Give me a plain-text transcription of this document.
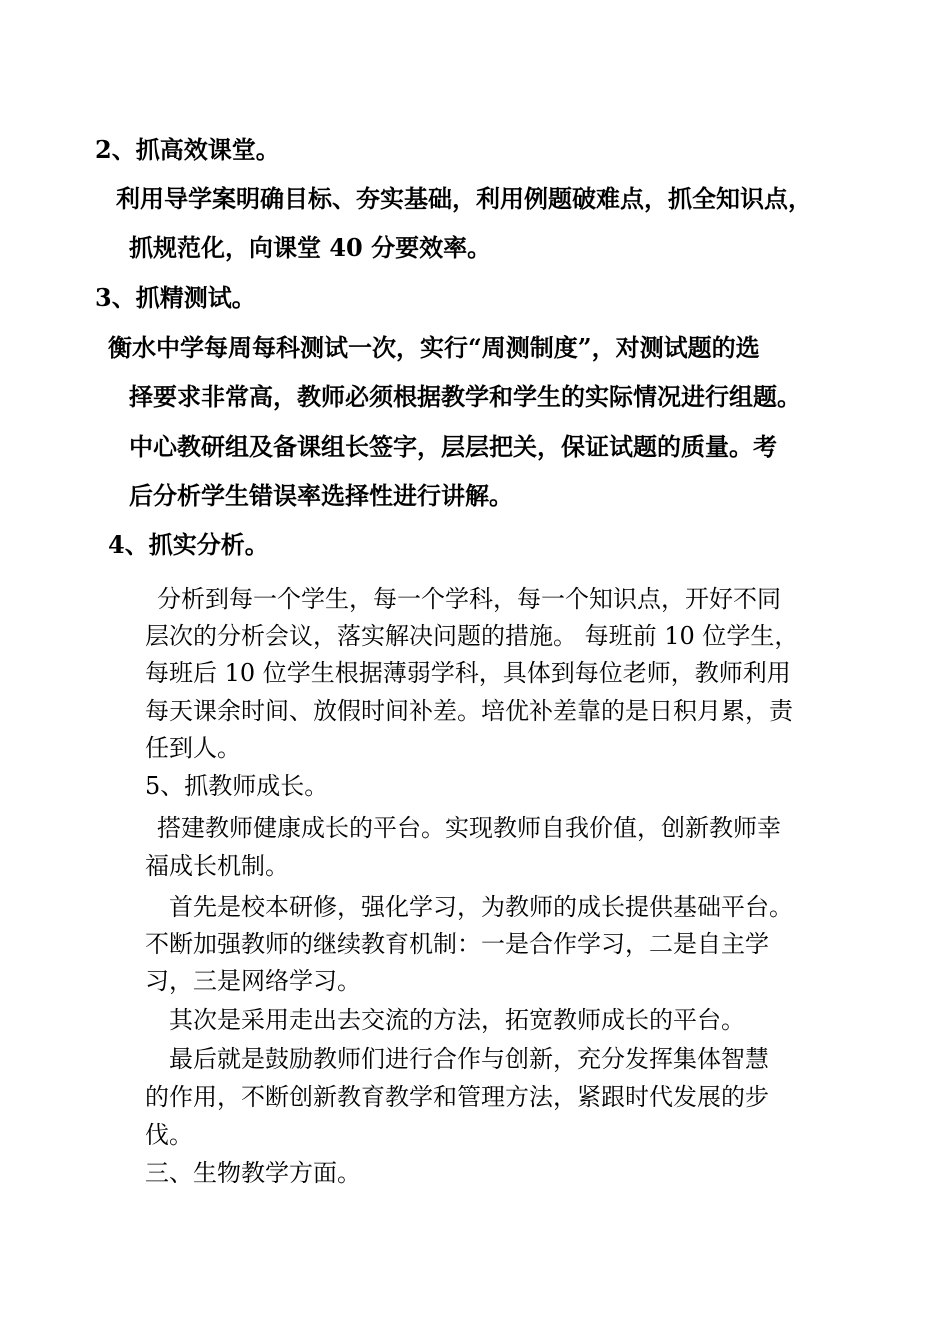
2、抓高效课堂。
利用导学案明确目标、夯实基础，利用例题破难点，抓全知识点，
抓规范化，向课堂 40 分要效率。
3、抓精测试。
衡水中学每周每科测试一次，实行“周测制度”，对测试题的选
择要求非常高，教师必须根据教学和学生的实际情况进行组题。
中心教研组及备课组长签字，层层把关，保证试题的质量。考
后分析学生错误率选择性进行讲解。
4、抓实分析。
分析到每一个学生，每一个学科，每一个知识点，开好不同
层次的分析会议，落实解决问题的措施。 每班前 10 位学生，
每班后 10 位学生根据薄弱学科，具体到每位老师，教师利用
每天课余时间、放假时间补差。培优补差靠的是日积月累，责
任到人。
5、抓教师成长。
搭建教师健康成长的平台。实现教师自我价值，创新教师幸
福成长机制。
首先是校本研修，强化学习，为教师的成长提供基础平台。
不断加强教师的继续教育机制：一是合作学习，二是自主学
习，三是网络学习。
其次是采用走出去交流的方法，拓宽教师成长的平台。
最后就是鼓励教师们进行合作与创新，充分发挥集体智慧
的作用，不断创新教育教学和管理方法，紧跟时代发展的步
伐。
三、生物教学方面。
